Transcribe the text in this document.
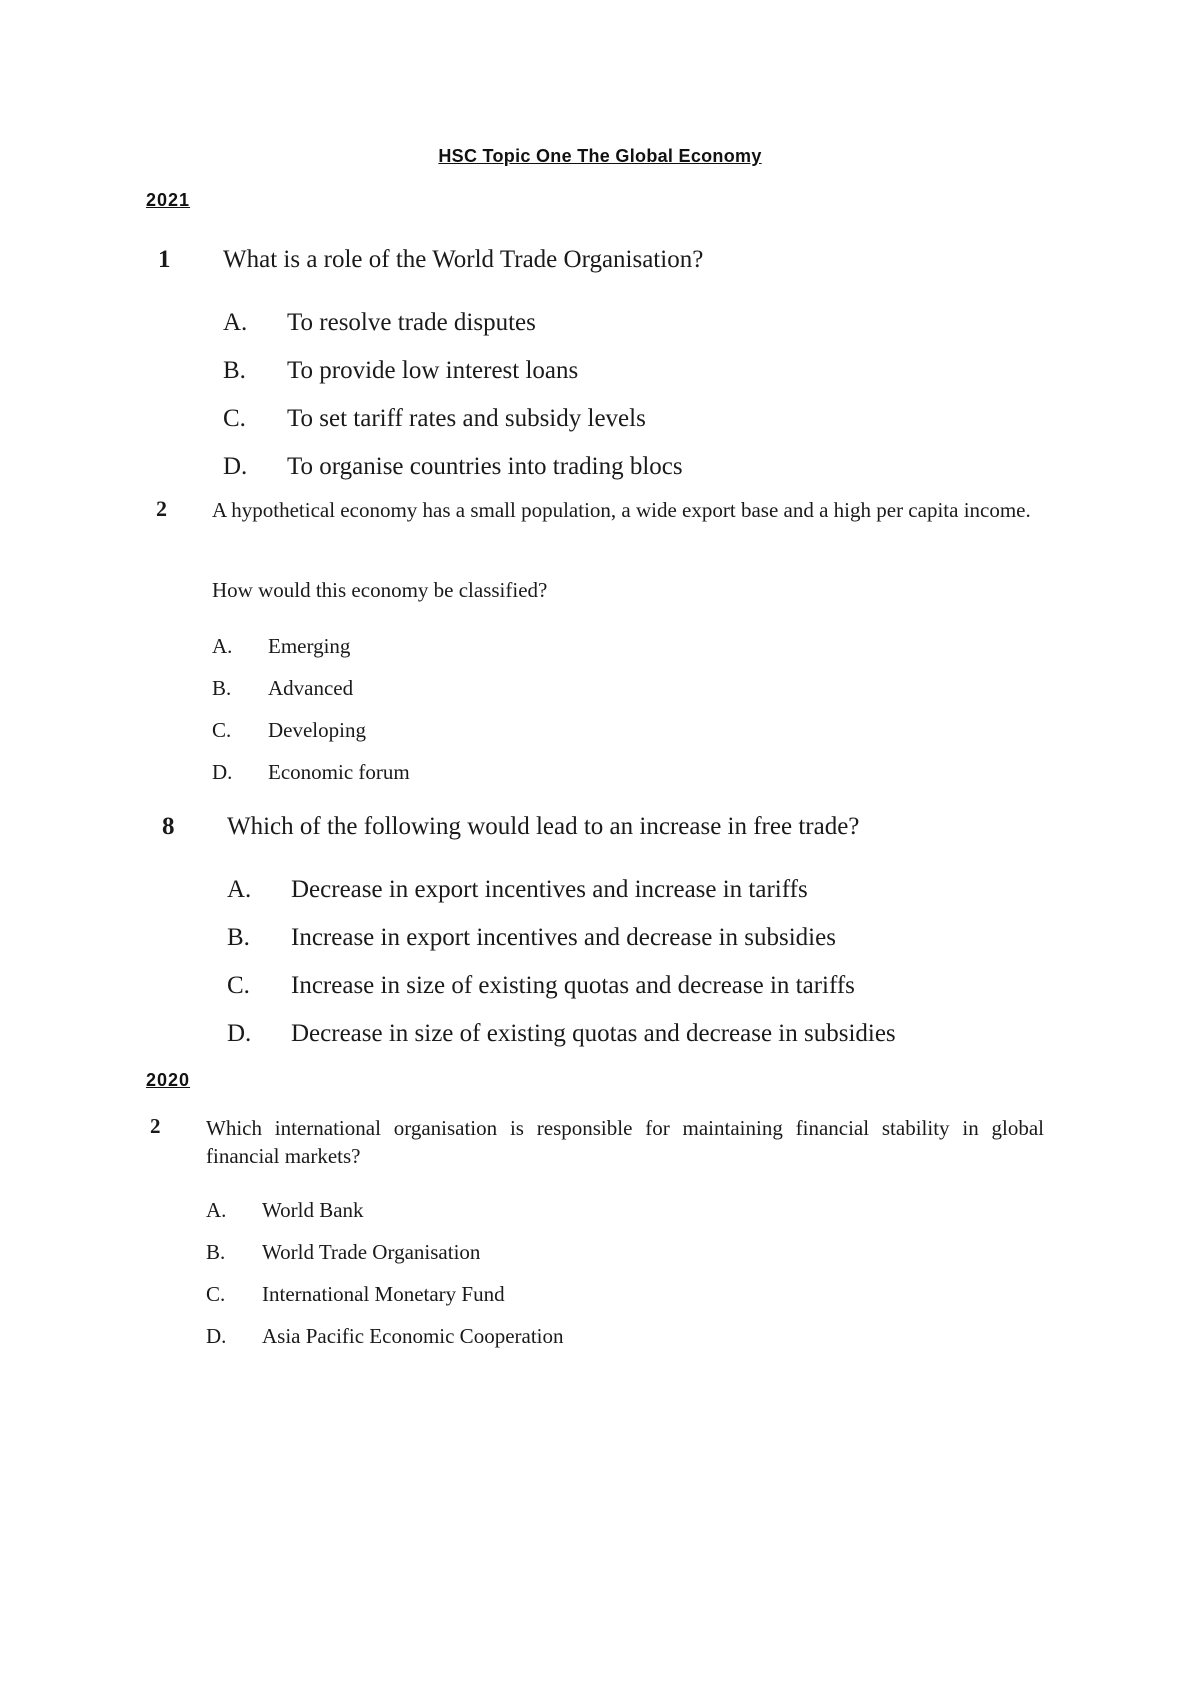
HSC Topic One The Global Economy
2021
1 What is a role of the World Trade Organisation?
A. To resolve trade disputes
B. To provide low interest loans
C. To set tariff rates and subsidy levels
D. To organise countries into trading blocs
2 A hypothetical economy has a small population, a wide export base and a high per capita income.
How would this economy be classified?
A. Emerging
B. Advanced
C. Developing
D. Economic forum
8 Which of the following would lead to an increase in free trade?
A. Decrease in export incentives and increase in tariffs
B. Increase in export incentives and decrease in subsidies
C. Increase in size of existing quotas and decrease in tariffs
D. Decrease in size of existing quotas and decrease in subsidies
2020
2 Which international organisation is responsible for maintaining financial stability in global financial markets?
A. World Bank
B. World Trade Organisation
C. International Monetary Fund
D. Asia Pacific Economic Cooperation
